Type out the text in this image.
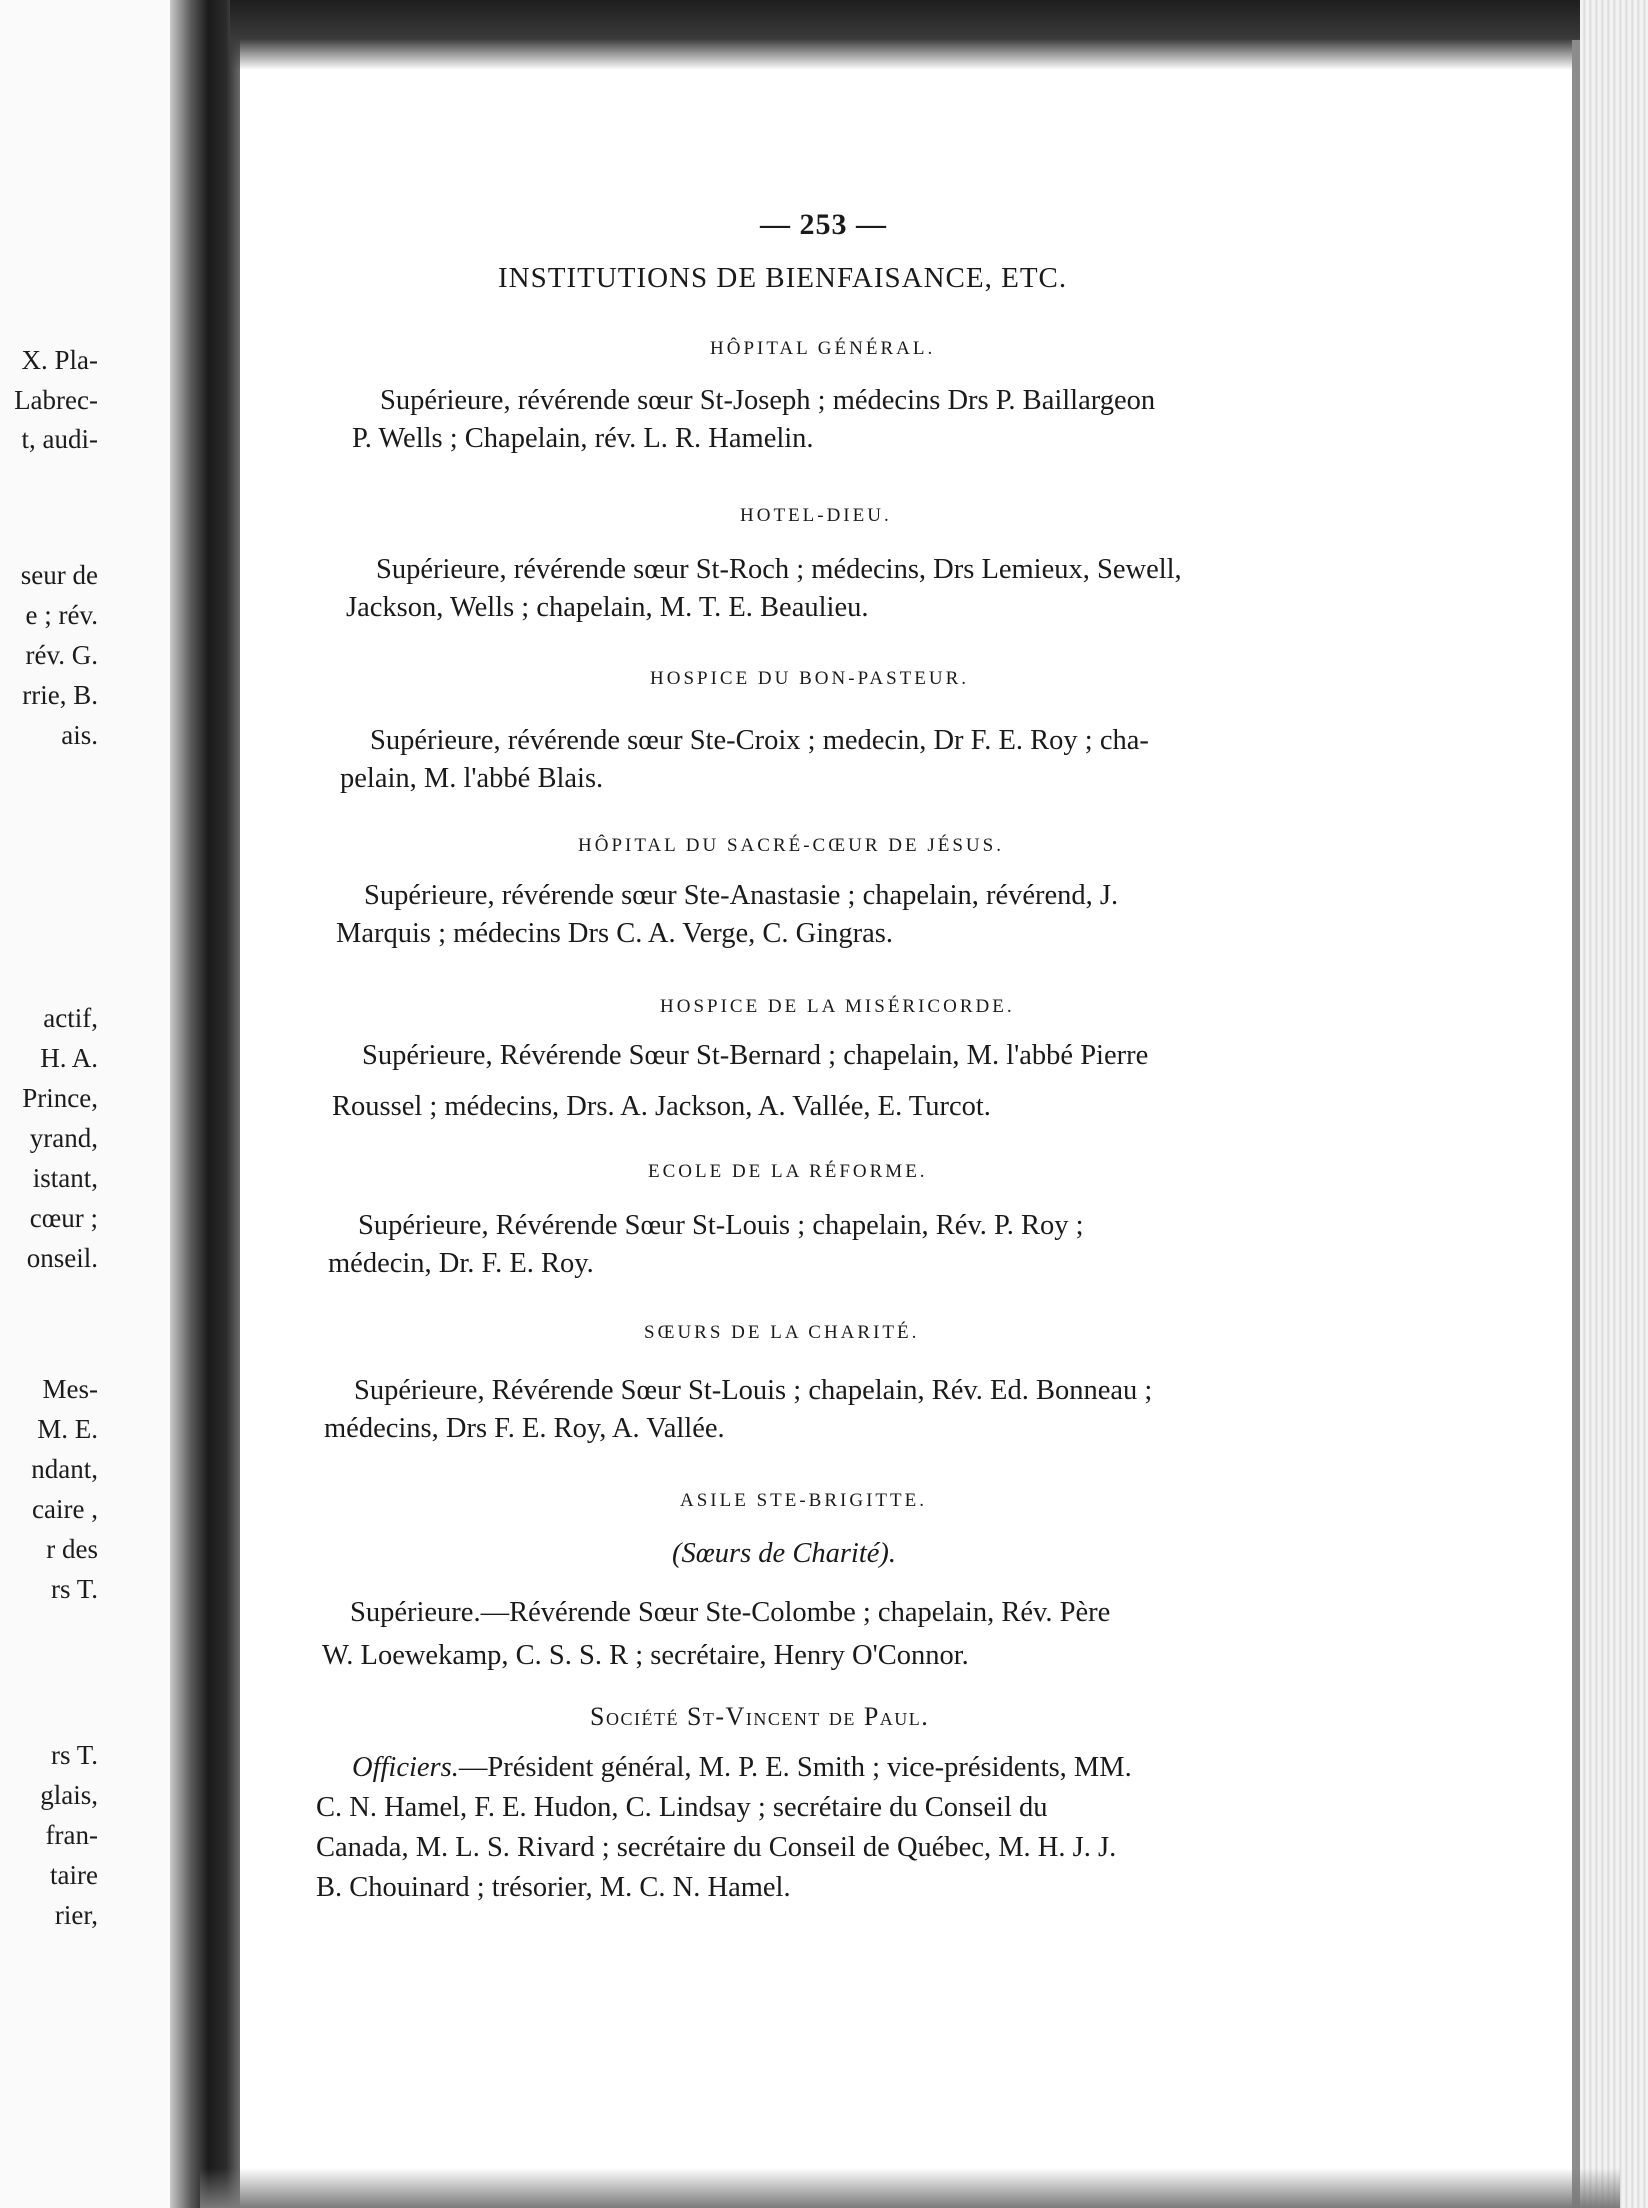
X. Pla-
Labrec-
t, audi-
seur de
e ; rév.
rév. G.
rrie, B.
ais.
actif,
H. A.
Prince,
yrand,
istant,
cœur ;
onseil.
Mes-
M. E.
ndant,
caire ,
r des
rs T.
rs T.
glais,
fran-
taire
rier,
— 253 —
INSTITUTIONS DE BIENFAISANCE, ETC.
HÔPITAL GÉNÉRAL.
Supérieure, révérende sœur St-Joseph ; médecins Drs P. Baillargeon
P. Wells ; Chapelain, rév. L. R. Hamelin.
HOTEL-DIEU.
Supérieure, révérende sœur St-Roch ; médecins, Drs Lemieux, Sewell,
Jackson, Wells ; chapelain, M. T. E. Beaulieu.
HOSPICE DU BON-PASTEUR.
Supérieure, révérende sœur Ste-Croix ; medecin, Dr F. E. Roy ; cha-
pelain, M. l'abbé Blais.
HÔPITAL DU SACRÉ-CŒUR DE JÉSUS.
Supérieure, révérende sœur Ste-Anastasie ; chapelain, révérend, J.
Marquis ; médecins Drs C. A. Verge, C. Gingras.
HOSPICE DE LA MISÉRICORDE.
Supérieure, Révérende Sœur St-Bernard ; chapelain, M. l'abbé Pierre
Roussel ; médecins, Drs. A. Jackson, A. Vallée, E. Turcot.
ECOLE DE LA RÉFORME.
Supérieure, Révérende Sœur St-Louis ; chapelain, Rév. P. Roy ;
médecin, Dr. F. E. Roy.
SŒURS DE LA CHARITÉ.
Supérieure, Révérende Sœur St-Louis ; chapelain, Rév. Ed. Bonneau ;
médecins, Drs F. E. Roy, A. Vallée.
ASILE STE-BRIGITTE.
(Sœurs de Charité).
Supérieure.—Révérende Sœur Ste-Colombe ; chapelain, Rév. Père
W. Loewekamp, C. S. S. R ; secrétaire, Henry O'Connor.
Société St-Vincent de Paul.
Officiers.—Président général, M. P. E. Smith ; vice-présidents, MM.
C. N. Hamel, F. E. Hudon, C. Lindsay ; secrétaire du Conseil du
Canada, M. L. S. Rivard ; secrétaire du Conseil de Québec, M. H. J. J.
B. Chouinard ; trésorier, M. C. N. Hamel.
